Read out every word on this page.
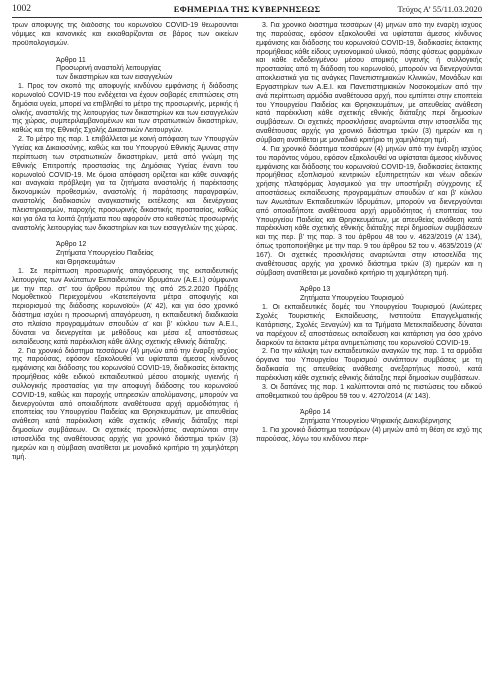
1002	ΕΦΗΜΕΡΙΔΑ ΤΗΣ ΚΥΒΕΡΝΗΣΕΩΣ	Τεύχος Α’ 55/11.03.2020

τρων αποφυγής της διάδοσης του κορωνοϊού COVID-19 θεωρούνται νόμιμες και κανονικές και εκκαθαρίζονται σε βάρος των οικείων προϋπολογισμών.

Άρθρο 11

Προσωρινή αναστολή λειτουργίας

των δικαστηρίων και των εισαγγελιών

1. Προς τον σκοπό της αποφυγής κινδύνου εμφάνισης ή διάδοσης κορωνοϊού COVID-19 που ενδέχεται να έχουν σοβαρές επιπτώσεις στη δημόσια υγεία, μπορεί να επιβληθεί το μέτρο της προσωρινής, μερικής ή ολικής, αναστολής της λειτουργίας των δικαστηρίων και των εισαγγελιών της χώρας, συμπεριλαμβανομένων και των στρατιωτικών δικαστηρίων, καθώς και της Εθνικής Σχολής Δικαστικών Λειτουργών.

2. Το μέτρο της παρ. 1 επιβάλλεται με κοινή απόφαση των Υπουργών Υγείας και Δικαιοσύνης, καθώς και του Υπουργού Εθνικής Άμυνας στην περίπτωση των στρατιωτικών δικαστηρίων, μετά από γνώμη της Εθνικής Επιτροπής προστασίας της Δημόσιας Υγείας έναντι του κορωνοϊού COVID-19. Με όμοια απόφαση ορίζεται και κάθε συναφής και αναγκαία πρόβλεψη για τα ζητήματα αναστολής ή παρέκτασης δικονομικών προθεσμιών, αναστολής ή παράτασης παραγραφών, αναστολής διαδικασιών αναγκαστικής εκτέλεσης και διενέργειας πλειστηριασμών, παροχής προσωρινής δικαστικής προστασίας, καθώς και για όλα τα λοιπά ζητήματα που αφορούν στο καθεστώς προσωρινής αναστολής λειτουργίας των δικαστηρίων και των εισαγγελιών της χώρας.

Άρθρο 12

Ζητήματα Υπουργείου Παιδείας

και Θρησκευμάτων

1. Σε περίπτωση προσωρινής απαγόρευσης της εκπαιδευτικής λειτουργίας των Ανώτατων Εκπαιδευτικών Ιδρυμάτων (Α.Ε.Ι.) σύμφωνα με την περ. στ’ του άρθρου πρώτου της από 25.2.2020 Πράξης Νομοθετικού Περιεχομένου «Κατεπείγοντα μέτρα αποφυγής και περιορισμού της διάδοσης κορωνοϊού» (Α’ 42), και για όσο χρονικό διάστημα ισχύει η προσωρινή απαγόρευση, η εκπαιδευτική διαδικασία στο πλαίσιο προγραμμάτων σπουδών α’ και β’ κύκλου των Α.Ε.Ι., δύναται να διενεργείται με μεθόδους και μέσα εξ αποστάσεως εκπαίδευσης κατά παρέκκλιση κάθε άλλης σχετικής εθνικής διάταξης.

2. Για χρονικό διάστημα τεσσάρων (4) μηνών από την έναρξη ισχύος της παρούσας, εφόσον εξακολουθεί να υφίσταται άμεσος κίνδυνος εμφάνισης και διάδοσης του κορωνοϊού COVID-19, διαδικασίες έκτακτης προμήθειας κάθε ειδικού εκπαιδευτικού μέσου ατομικής υγιεινής ή συλλογικής προστασίας για την αποφυγή διάδοσης του κορωνοϊού COVID-19, καθώς και παροχής υπηρεσιών απολύμανσης, μπορούν να διενεργούνται από οποιαδήποτε αναθέτουσα αρχή αρμοδιότητας ή εποπτείας του Υπουργείου Παιδείας και Θρησκευμάτων, με απευθείας ανάθεση κατά παρέκκλιση κάθε σχετικής εθνικής διάταξης περί δημοσίων συμβάσεων. Οι σχετικές προσκλήσεις αναρτώνται στην ιστοσελίδα της αναθέτουσας αρχής για χρονικό διάστημα τριών (3) ημερών και η σύμβαση ανατίθεται με μοναδικό κριτήριο τη χαμηλότερη τιμή.

3. Για χρονικό διάστημα τεσσάρων (4) μηνών από την έναρξη ισχύος της παρούσας, εφόσον εξακολουθεί να υφίσταται άμεσος κίνδυνος εμφάνισης και διάδοσης του κορωνοϊού COVID-19, διαδικασίες έκτακτης προμήθειας κάθε είδους υγειονομικού υλικού, πάσης φύσεως φαρμάκων και κάθε ενδεδειγμένου μέσου ατομικής υγιεινής ή συλλογικής προστασίας από τη διάδοση του κορωνοϊού, μπορούν να διενεργούνται αποκλειστικά για τις ανάγκες Πανεπιστημιακών Κλινικών, Μονάδων και Εργαστηρίων των Α.Ε.Ι. και Πανεπιστημιακών Νοσοκομείων από την ανά περίπτωση αρμόδια αναθέτουσα αρχή, που εμπίπτει στην εποπτεία του Υπουργείου Παιδείας και Θρησκευμάτων, με απευθείας ανάθεση κατά παρέκκλιση κάθε σχετικής εθνικής διάταξης περί δημοσίων συμβάσεων. Οι σχετικές προσκλήσεις αναρτώνται στην ιστοσελίδα της αναθέτουσας αρχής για χρονικό διάστημα τριών (3) ημερών και η σύμβαση ανατίθεται με μοναδικό κριτήριο τη χαμηλότερη τιμή.

4. Για χρονικό διάστημα τεσσάρων (4) μηνών από την έναρξη ισχύος του παρόντος νόμου, εφόσον εξακολουθεί να υφίσταται άμεσος κίνδυνος εμφάνισης και διάδοσης του κορωνοϊού COVID-19, διαδικασίες έκτακτης προμήθειας εξοπλισμού κεντρικών εξυπηρετητών και νέων αδειών χρήσης πλατφόρμας λογισμικού για την υποστήριξη σύγχρονης εξ αποστάσεως εκπαίδευσης προγραμμάτων σπουδών α’ και β’ κύκλου των Ανωτάτων Εκπαιδευτικών Ιδρυμάτων, μπορούν να διενεργούνται από οποιαδήποτε αναθέτουσα αρχή αρμοδιότητας ή εποπτείας του Υπουργείου Παιδείας και Θρησκευμάτων, με απευθείας ανάθεση κατά παρέκκλιση κάθε σχετικής εθνικής διάταξης περί δημοσίων συμβάσεων και της περ. β’ της παρ. 3 του άρθρου 48 του ν. 4623/2019 (Α’ 134), όπως τροποποιήθηκε με την παρ. 9 του άρθρου 52 του ν. 4635/2019 (Α’ 167). Οι σχετικές προσκλήσεις αναρτώνται στην ιστοσελίδα της αναθέτουσας αρχής για χρονικό διάστημα τριών (3) ημερών και η σύμβαση ανατίθεται με μοναδικό κριτήριο τη χαμηλότερη τιμή.

Άρθρο 13

Ζητήματα Υπουργείου Τουρισμού

1. Οι εκπαιδευτικές δομές του Υπουργείου Τουρισμού (Ανώτερες Σχολές Τουριστικής Εκπαίδευσης, Ινστιτούτα Επαγγελματικής Κατάρτισης, Σχολές Ξεναγών) και τα Τμήματα Μετεκπαίδευσης δύναται να παρέχουν εξ αποστάσεως εκπαίδευση και κατάρτιση για όσο χρόνο διαρκούν τα έκτακτα μέτρα αντιμετώπισης του κορωνοϊού COVID-19.

2. Για την κάλυψη των εκπαιδευτικών αναγκών της παρ. 1 τα αρμόδια όργανα του Υπουργείου Τουρισμού συνάπτουν συμβάσεις με τη διαδικασία της απευθείας ανάθεσης ανεξαρτήτως ποσού, κατά παρέκκλιση κάθε σχετικής εθνικής διάταξης περί δημοσίων συμβάσεων.

3. Οι δαπάνες της παρ. 1 καλύπτονται από τις πιστώσεις του ειδικού αποθεματικού του άρθρου 59 του ν. 4270/2014 (Α’ 143).

Άρθρο 14

Ζητήματα Υπουργείου Ψηφιακής Διακυβέρνησης

1. Για χρονικό διάστημα τεσσάρων (4) μηνών από τη θέση σε ισχύ της παρούσας, λόγω του κινδύνου περι-
